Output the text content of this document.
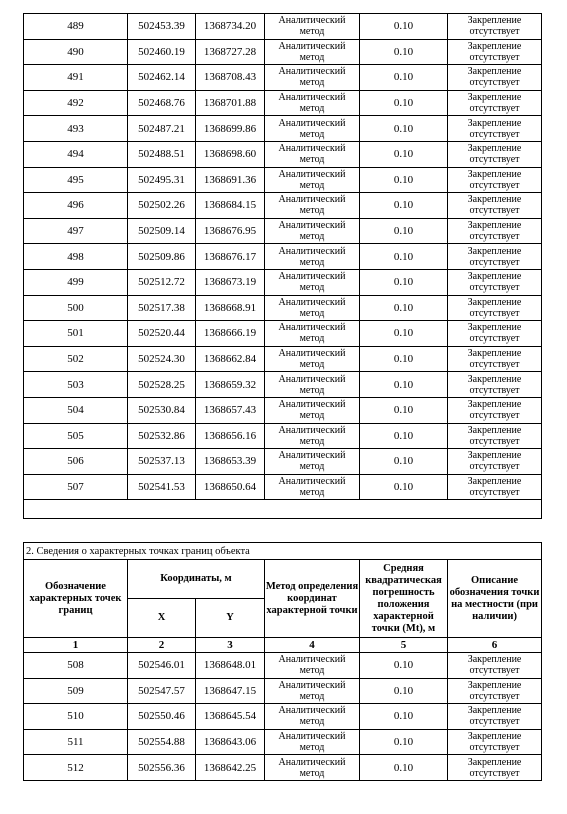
489	502453.39	1368734.20	Аналитический метод	0.10	Закрепление отсутствует
490	502460.19	1368727.28	Аналитический метод	0.10	Закрепление отсутствует
491	502462.14	1368708.43	Аналитический метод	0.10	Закрепление отсутствует
492	502468.76	1368701.88	Аналитический метод	0.10	Закрепление отсутствует
493	502487.21	1368699.86	Аналитический метод	0.10	Закрепление отсутствует
494	502488.51	1368698.60	Аналитический метод	0.10	Закрепление отсутствует
495	502495.31	1368691.36	Аналитический метод	0.10	Закрепление отсутствует
496	502502.26	1368684.15	Аналитический метод	0.10	Закрепление отсутствует
497	502509.14	1368676.95	Аналитический метод	0.10	Закрепление отсутствует
498	502509.86	1368676.17	Аналитический метод	0.10	Закрепление отсутствует
499	502512.72	1368673.19	Аналитический метод	0.10	Закрепление отсутствует
500	502517.38	1368668.91	Аналитический метод	0.10	Закрепление отсутствует
501	502520.44	1368666.19	Аналитический метод	0.10	Закрепление отсутствует
502	502524.30	1368662.84	Аналитический метод	0.10	Закрепление отсутствует
503	502528.25	1368659.32	Аналитический метод	0.10	Закрепление отсутствует
504	502530.84	1368657.43	Аналитический метод	0.10	Закрепление отсутствует
505	502532.86	1368656.16	Аналитический метод	0.10	Закрепление отсутствует
506	502537.13	1368653.39	Аналитический метод	0.10	Закрепление отсутствует
507	502541.53	1368650.64	Аналитический метод	0.10	Закрепление отсутствует

2. Сведения о характерных точках границ объекта					
Обозначение характерных точек границ	Координаты, м		Метод определения координат характерной точки	Средняя квадратическая погрешность положения характерной точки (Mt), м	Описание обозначения точки на местности (при наличии)
	X	Y			
1	2	3	4	5	6
508	502546.01	1368648.01	Аналитический метод	0.10	Закрепление отсутствует
509	502547.57	1368647.15	Аналитический метод	0.10	Закрепление отсутствует
510	502550.46	1368645.54	Аналитический метод	0.10	Закрепление отсутствует
511	502554.88	1368643.06	Аналитический метод	0.10	Закрепление отсутствует
512	502556.36	1368642.25	Аналитический метод	0.10	Закрепление отсутствует
